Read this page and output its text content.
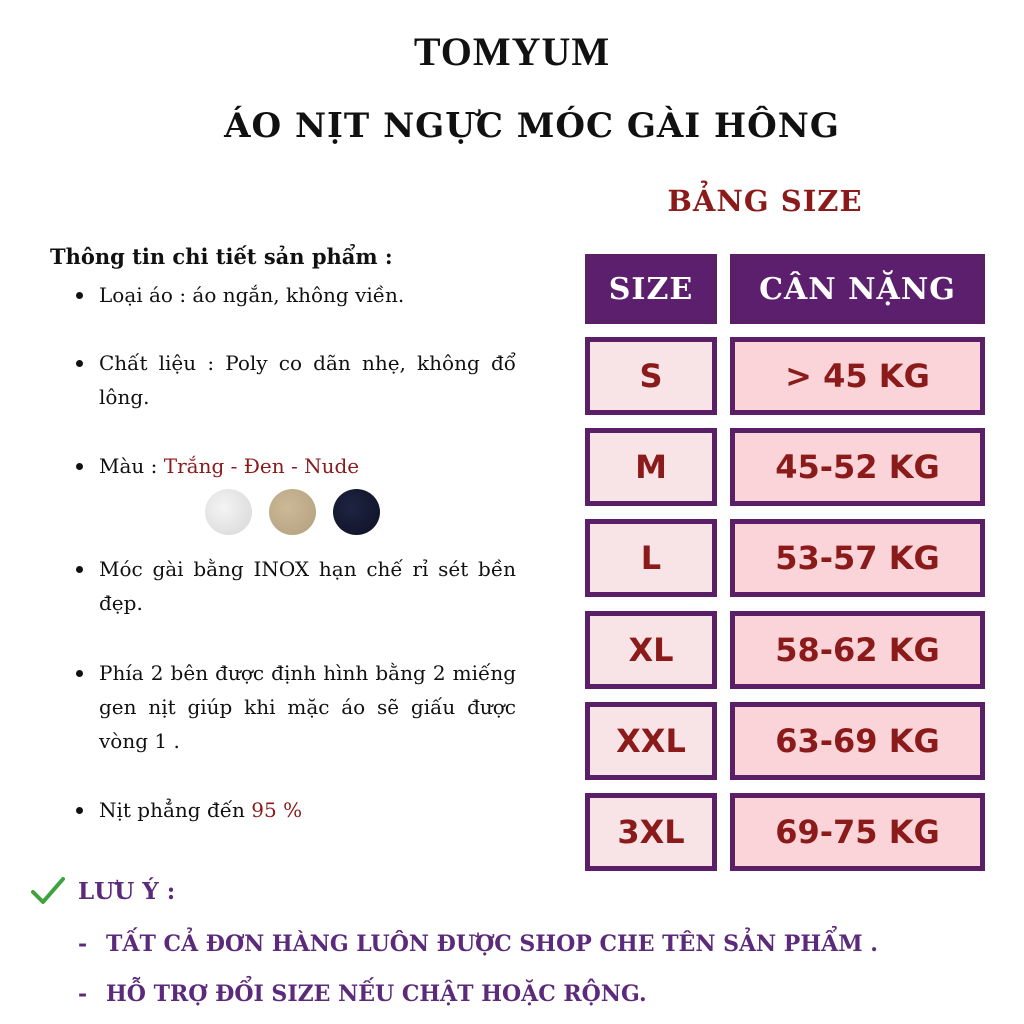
TOMYUM
ÁO NỊT NGỰC MÓC GÀI HÔNG
Thông tin chi tiết sản phẩm :
Loại áo : áo ngắn, không viền.
Chất liệu : Poly co dãn nhẹ, không đổ lông.
Màu : Trắng - Đen - Nude
Móc gài bằng INOX hạn chế rỉ sét bền đẹp.
Phía 2 bên được định hình bằng 2 miếng gen nịt giúp khi mặc áo sẽ giấu được vòng 1 .
Nịt phẳng đến 95 %
BẢNG SIZE
SIZE	CÂN NẶNG
S	> 45 KG
M	45-52 KG
L	53-57 KG
XL	58-62 KG
XXL	63-69 KG
3XL	69-75 KG
LƯU Ý :
- TẤT CẢ ĐƠN HÀNG LUÔN ĐƯỢC SHOP CHE TÊN SẢN PHẨM .
- HỖ TRỢ ĐỔI SIZE NẾU CHẬT HOẶC RỘNG.
